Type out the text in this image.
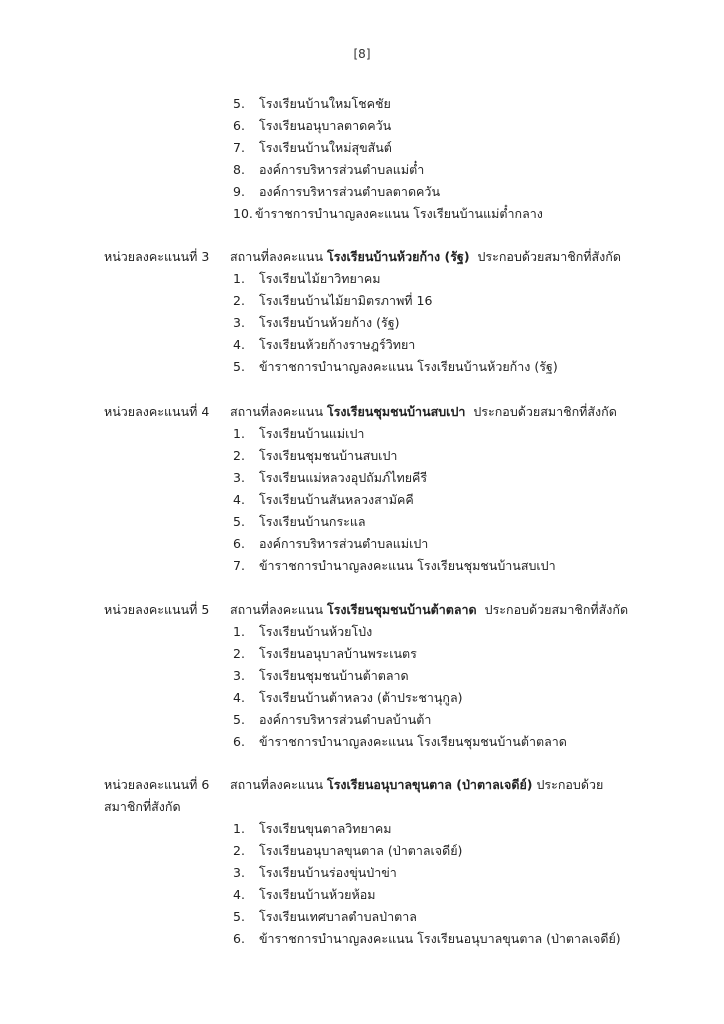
[8]
5. โรงเรียนบ้านใหมโชคชัย
6. โรงเรียนอนุบาลตาดควัน
7. โรงเรียนบ้านใหม่สุขสันต์
8. องค์การบริหารส่วนตำบลแม่ต๋ำ
9. องค์การบริหารส่วนตำบลตาดควัน
10. ข้าราชการบำนาญลงคะแนน โรงเรียนบ้านแม่ต๋ำกลาง
หน่วยลงคะแนนที่ 3 สถานที่ลงคะแนน โรงเรียนบ้านห้วยก้าง (รัฐ) ประกอบด้วยสมาชิกที่สังกัด
1. โรงเรียนไม้ยาวิทยาคม
2. โรงเรียนบ้านไม้ยามิตรภาพที่ 16
3. โรงเรียนบ้านห้วยก้าง (รัฐ)
4. โรงเรียนห้วยก้างราษฎร์วิทยา
5. ข้าราชการบำนาญลงคะแนน โรงเรียนบ้านห้วยก้าง (รัฐ)
หน่วยลงคะแนนที่ 4 สถานที่ลงคะแนน โรงเรียนชุมชนบ้านสบเปา ประกอบด้วยสมาชิกที่สังกัด
1. โรงเรียนบ้านแม่เปา
2. โรงเรียนชุมชนบ้านสบเปา
3. โรงเรียนแม่หลวงอุปถัมภ์ไทยคีรี
4. โรงเรียนบ้านสันหลวงสามัคคี
5. โรงเรียนบ้านกระแล
6. องค์การบริหารส่วนตำบลแม่เปา
7. ข้าราชการบำนาญลงคะแนน โรงเรียนชุมชนบ้านสบเปา
หน่วยลงคะแนนที่ 5 สถานที่ลงคะแนน โรงเรียนชุมชนบ้านต้าตลาด ประกอบด้วยสมาชิกที่สังกัด
1. โรงเรียนบ้านห้วยโป่ง
2. โรงเรียนอนุบาลบ้านพระเนตร
3. โรงเรียนชุมชนบ้านต้าตลาด
4. โรงเรียนบ้านต้าหลวง (ต้าประชานุกูล)
5. องค์การบริหารส่วนตำบลบ้านต้า
6. ข้าราชการบำนาญลงคะแนน โรงเรียนชุมชนบ้านต้าตลาด
หน่วยลงคะแนนที่ 6 สถานที่ลงคะแนน โรงเรียนอนุบาลขุนตาล (ป่าตาลเจดีย์) ประกอบด้วยสมาชิกที่สังกัด
1. โรงเรียนขุนตาลวิทยาคม
2. โรงเรียนอนุบาลขุนตาล (ป่าตาลเจดีย์)
3. โรงเรียนบ้านร่องขุ่นป่าข่า
4. โรงเรียนบ้านห้วยห้อม
5. โรงเรียนเทศบาลตำบลป่าตาล
6. ข้าราชการบำนาญลงคะแนน โรงเรียนอนุบาลขุนตาล (ป่าตาลเจดีย์)
